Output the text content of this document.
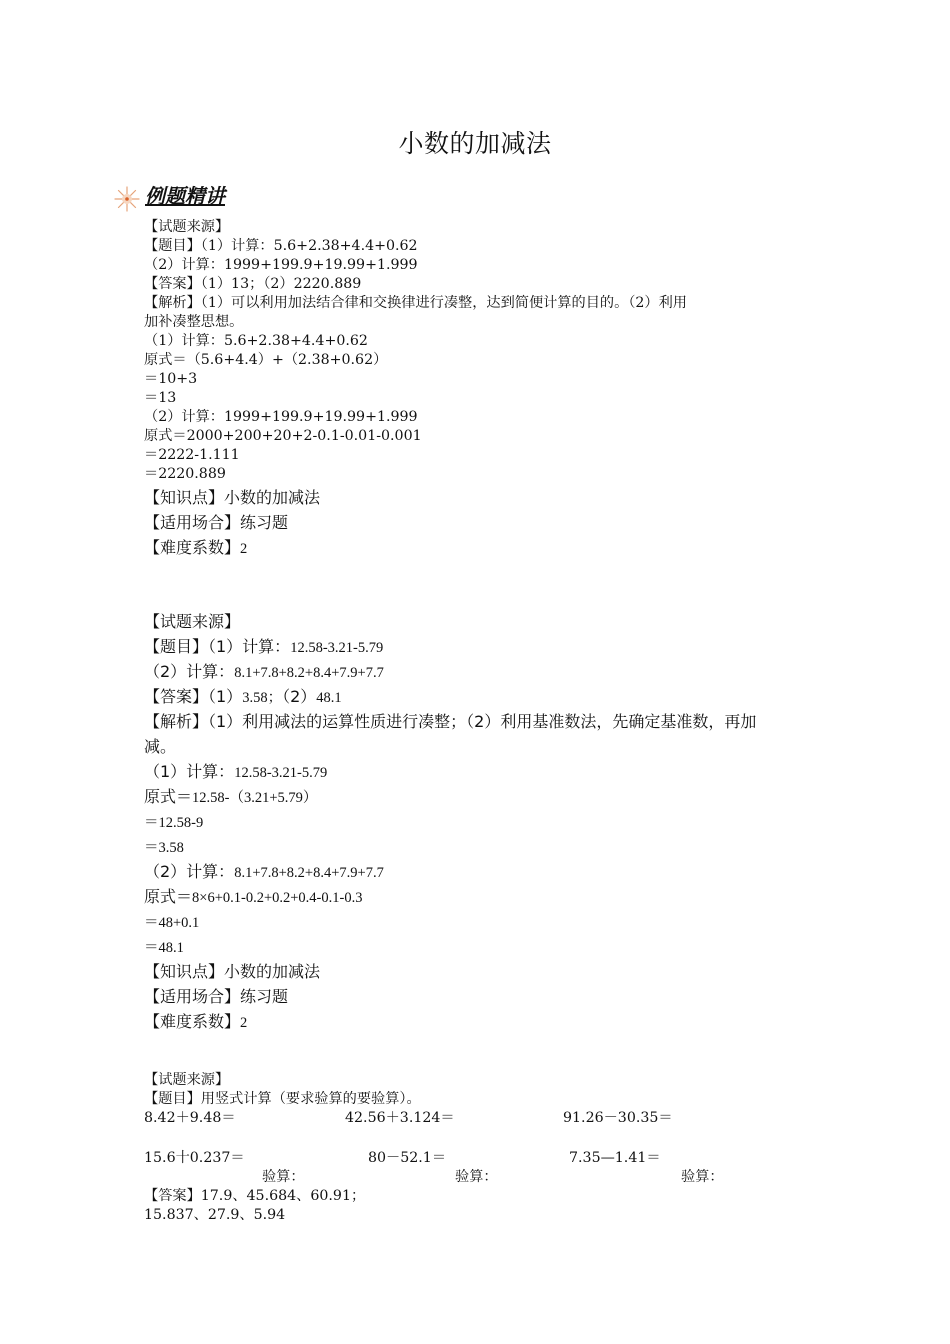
小数的加减法
例题精讲
【试题来源】
【题目】（1）计算：5.6+2.38+4.4+0.62
（2）计算：1999+199.9+19.99+1.999
【答案】（1）13；（2）2220.889
【解析】（1）可以利用加法结合律和交换律进行凑整，达到简便计算的目的。（2）利用
加补凑整思想。
（1）计算：5.6+2.38+4.4+0.62
原式＝（5.6+4.4）+（2.38+0.62）
＝10+3
＝13
（2）计算：1999+199.9+19.99+1.999
原式＝2000+200+20+2-0.1-0.01-0.001
＝2222-1.111
＝2220.889
【知识点】小数的加减法
【适用场合】练习题
【难度系数】2
【试题来源】
【题目】（1）计算：12.58-3.21-5.79
（2）计算：8.1+7.8+8.2+8.4+7.9+7.7
【答案】（1）3.58；（2）48.1
【解析】（1）利用减法的运算性质进行凑整；（2）利用基准数法，先确定基准数，再加
减。
（1）计算：12.58-3.21-5.79
原式＝12.58-（3.21+5.79）
＝12.58-9
＝3.58
（2）计算：8.1+7.8+8.2+8.4+7.9+7.7
原式＝8×6+0.1-0.2+0.2+0.4-0.1-0.3
＝48+0.1
＝48.1
【知识点】小数的加减法
【适用场合】练习题
【难度系数】2
【试题来源】
【题目】用竖式计算（要求验算的要验算）。
8.42＋9.48＝	42.56＋3.124＝	91.26－30.35＝
15.6十0.237＝	80－52.1＝	7.35—1.41＝
验算：	验算：	验算：
【答案】17.9、45.684、60.91；
15.837、27.9、5.94
